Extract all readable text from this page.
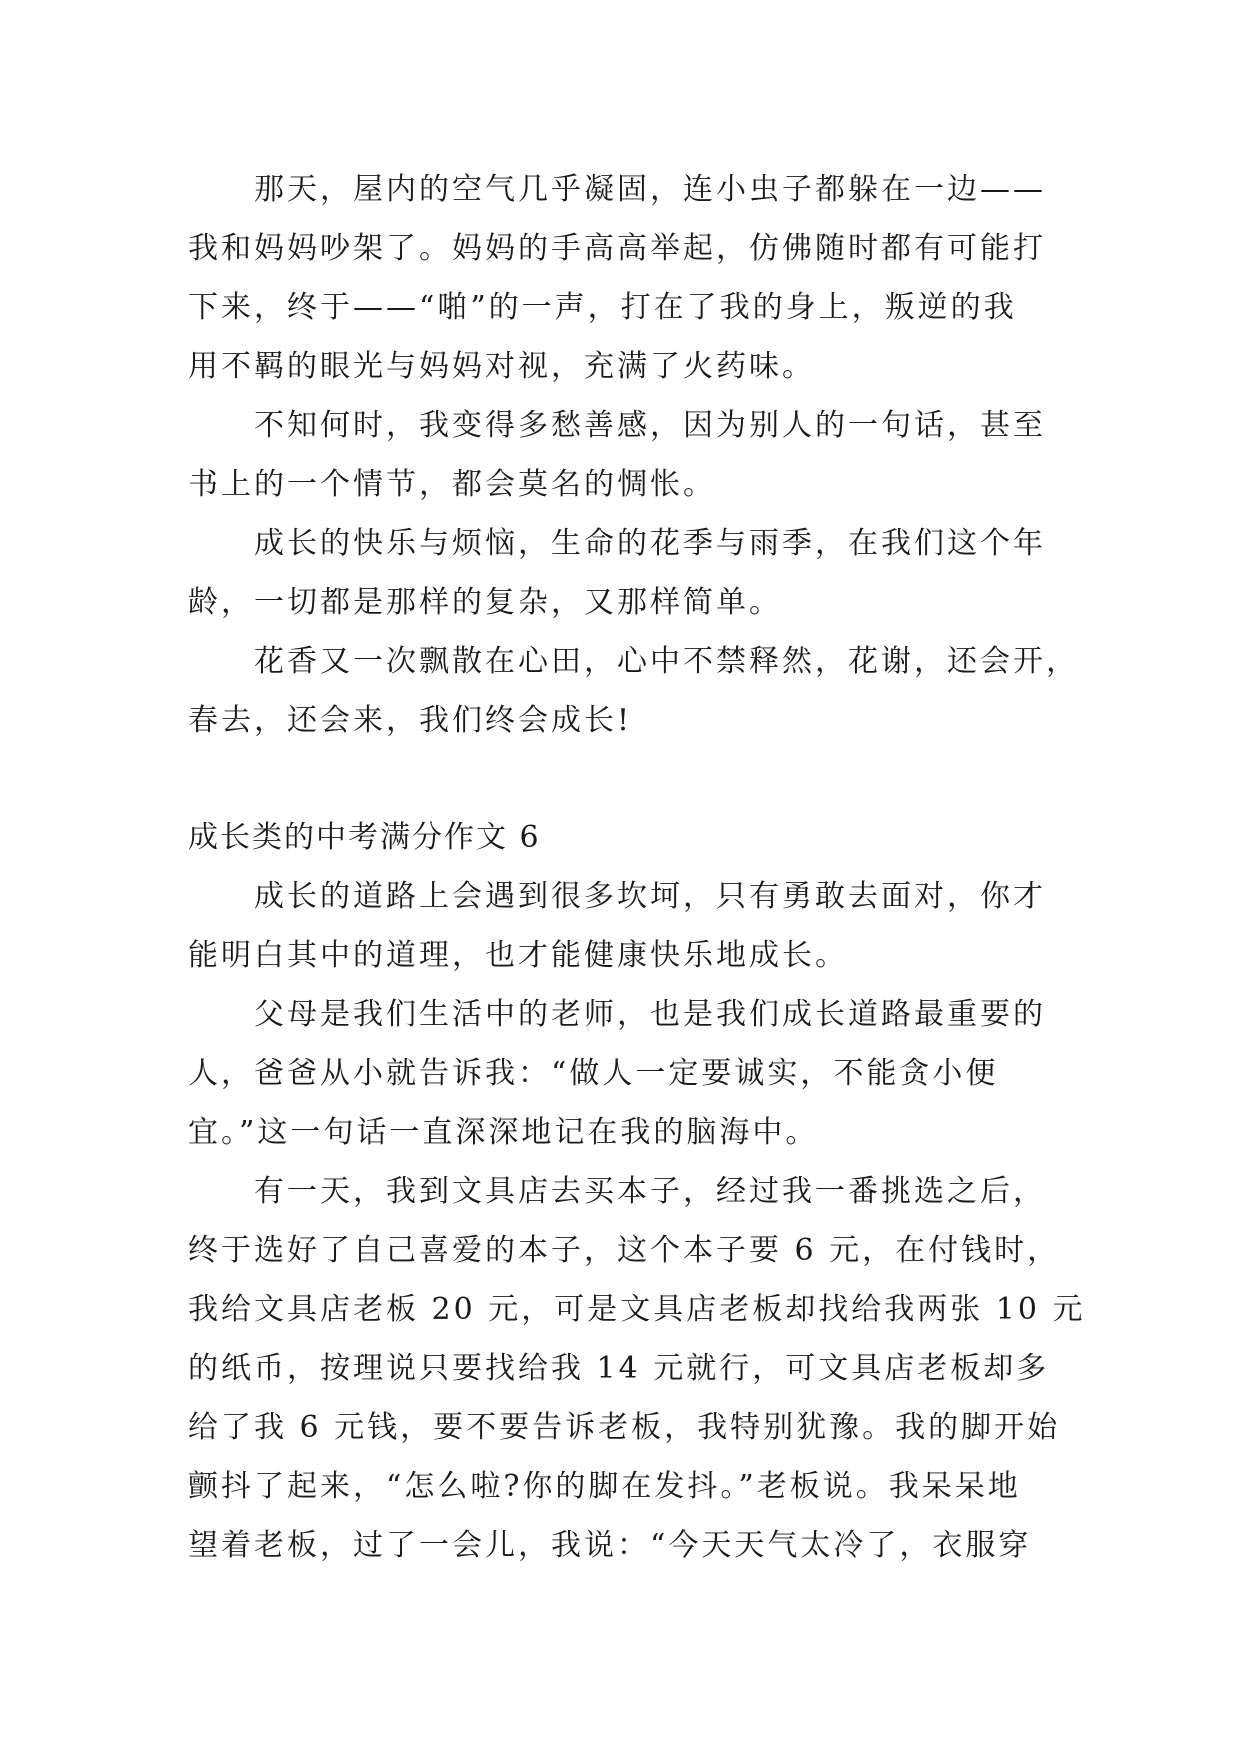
那天，屋内的空气几乎凝固，连小虫子都躲在一边——
我和妈妈吵架了。妈妈的手高高举起，仿佛随时都有可能打
下来，终于——“啪”的一声，打在了我的身上，叛逆的我
用不羁的眼光与妈妈对视，充满了火药味。
不知何时，我变得多愁善感，因为别人的一句话，甚至
书上的一个情节，都会莫名的惆怅。
成长的快乐与烦恼，生命的花季与雨季，在我们这个年
龄，一切都是那样的复杂，又那样简单。
花香又一次飘散在心田，心中不禁释然，花谢，还会开，
春去，还会来，我们终会成长!
成长类的中考满分作文 6
成长的道路上会遇到很多坎坷，只有勇敢去面对，你才
能明白其中的道理，也才能健康快乐地成长。
父母是我们生活中的老师，也是我们成长道路最重要的
人，爸爸从小就告诉我：“做人一定要诚实，不能贪小便
宜。”这一句话一直深深地记在我的脑海中。
有一天，我到文具店去买本子，经过我一番挑选之后，
终于选好了自己喜爱的本子，这个本子要 6 元，在付钱时，
我给文具店老板 20 元，可是文具店老板却找给我两张 10 元
的纸币，按理说只要找给我 14 元就行，可文具店老板却多
给了我 6 元钱，要不要告诉老板，我特别犹豫。我的脚开始
颤抖了起来，“怎么啦?你的脚在发抖。”老板说。我呆呆地
望着老板，过了一会儿，我说：“今天天气太冷了，衣服穿
